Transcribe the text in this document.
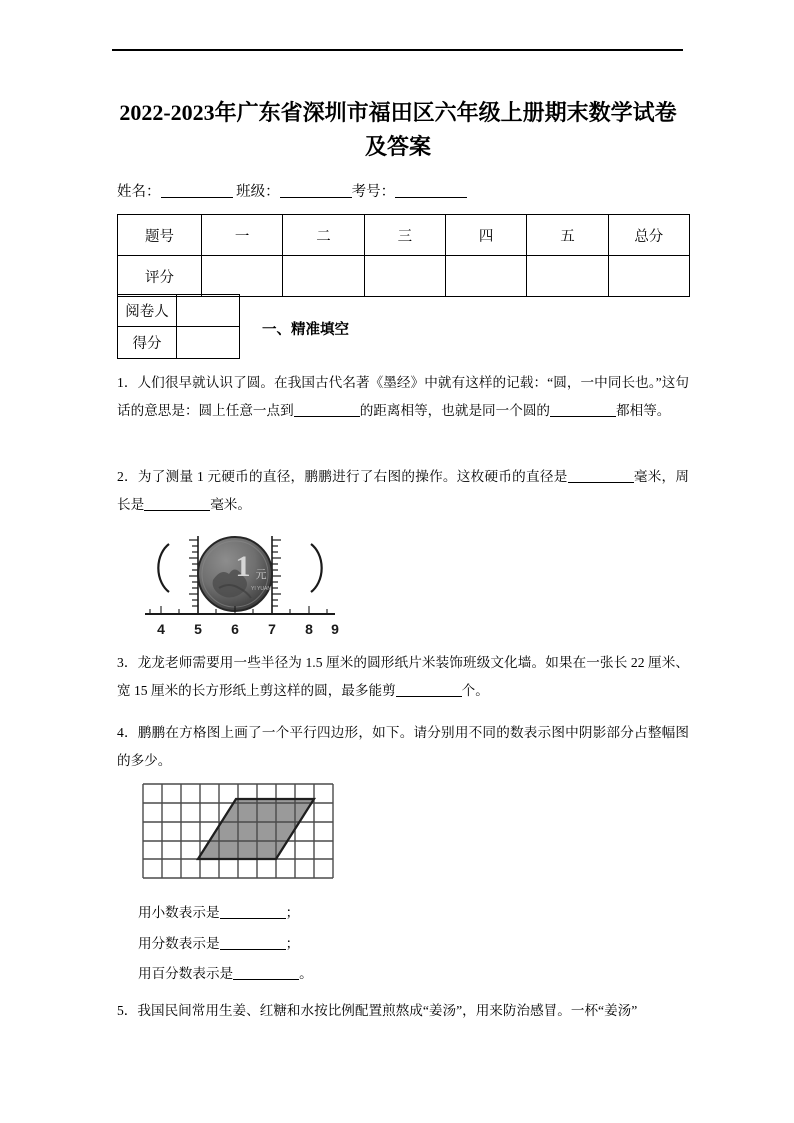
2022-2023年广东省深圳市福田区六年级上册期末数学试卷
及答案
姓名：	班级：	考号：
题号	一	二	三	四	五	总分
评分						
阅卷人	
得分	
一、精准填空
1．人们很早就认识了圆。在我国古代名著《墨经》中就有这样的记载：“圆，一中同长也。”这句话的意思是：圆上任意一点到	的距离相等，也就是同一个圆的	都相等。
2．为了测量 1 元硬币的直径，鹏鹏进行了右图的操作。这枚硬币的直径是	毫米，周长是	毫米。
1 元
YI YUAN
4 5 6 7 8 9
3．龙龙老师需要用一些半径为 1.5 厘米的圆形纸片米装饰班级文化墙。如果在一张长 22 厘米、宽 15 厘米的长方形纸上剪这样的圆，最多能剪	个。
4．鹏鹏在方格图上画了一个平行四边形，如下。请分别用不同的数表示图中阴影部分占整幅图的多少。
用小数表示是	；
用分数表示是	；
用百分数表示是	。
5．我国民间常用生姜、红糖和水按比例配置煎熬成“姜汤”，用来防治感冒。一杯“姜汤”
